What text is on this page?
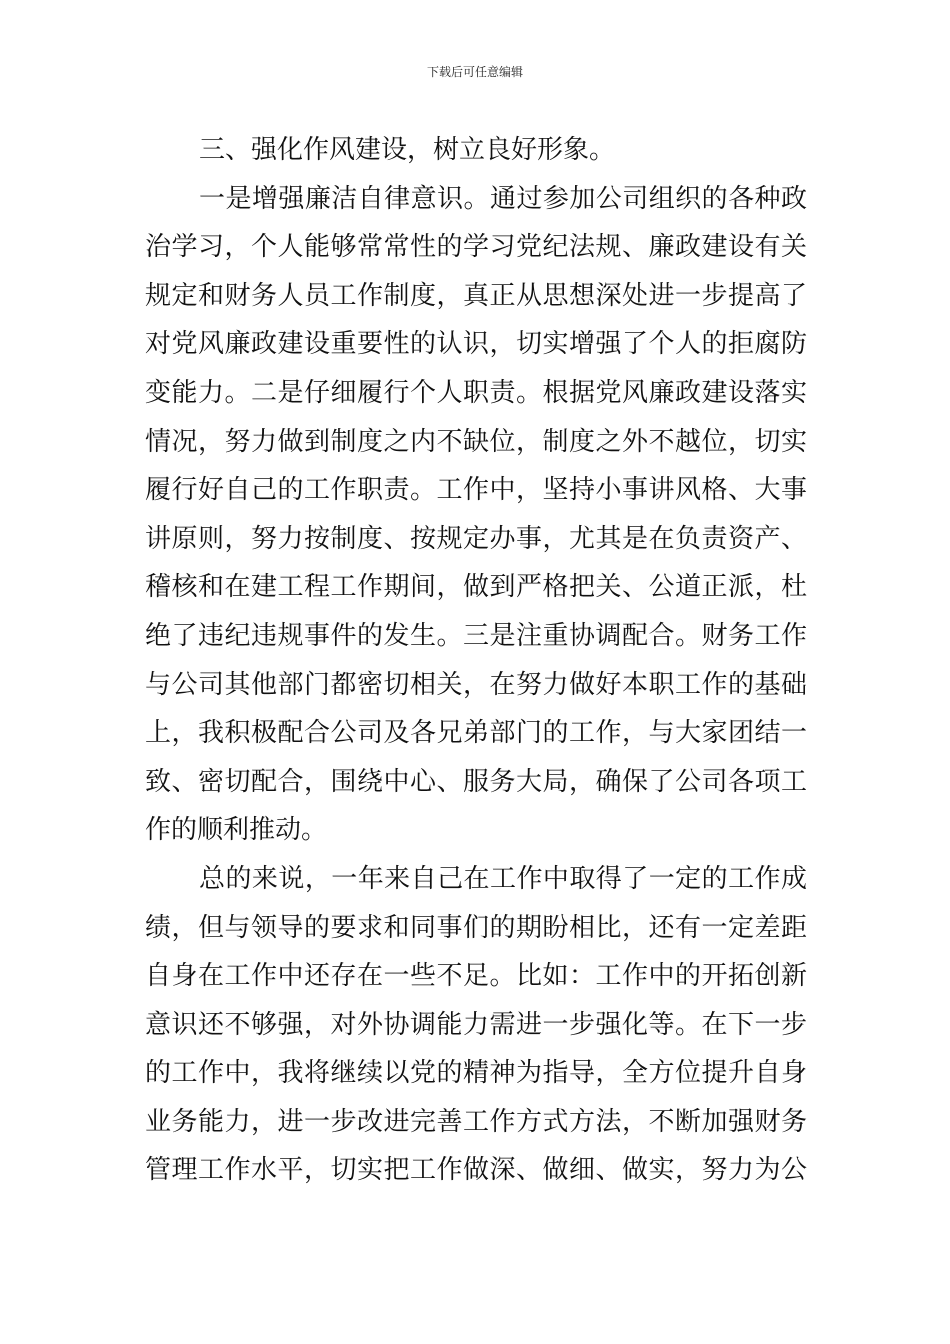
下载后可任意编辑
三、强化作风建设，树立良好形象。
一是增强廉洁自律意识。通过参加公司组织的各种政
治学习，个人能够常常性的学习党纪法规、廉政建设有关
规定和财务人员工作制度，真正从思想深处进一步提高了
对党风廉政建设重要性的认识，切实增强了个人的拒腐防
变能力。二是仔细履行个人职责。根据党风廉政建设落实
情况，努力做到制度之内不缺位，制度之外不越位，切实
履行好自己的工作职责。工作中，坚持小事讲风格、大事
讲原则，努力按制度、按规定办事，尤其是在负责资产、
稽核和在建工程工作期间，做到严格把关、公道正派，杜
绝了违纪违规事件的发生。三是注重协调配合。财务工作
与公司其他部门都密切相关，在努力做好本职工作的基础
上，我积极配合公司及各兄弟部门的工作，与大家团结一
致、密切配合，围绕中心、服务大局，确保了公司各项工
作的顺利推动。
总的来说，一年来自己在工作中取得了一定的工作成
绩，但与领导的要求和同事们的期盼相比，还有一定差距
自身在工作中还存在一些不足。比如：工作中的开拓创新
意识还不够强，对外协调能力需进一步强化等。在下一步
的工作中，我将继续以党的精神为指导，全方位提升自身
业务能力，进一步改进完善工作方式方法，不断加强财务
管理工作水平，切实把工作做深、做细、做实，努力为公
